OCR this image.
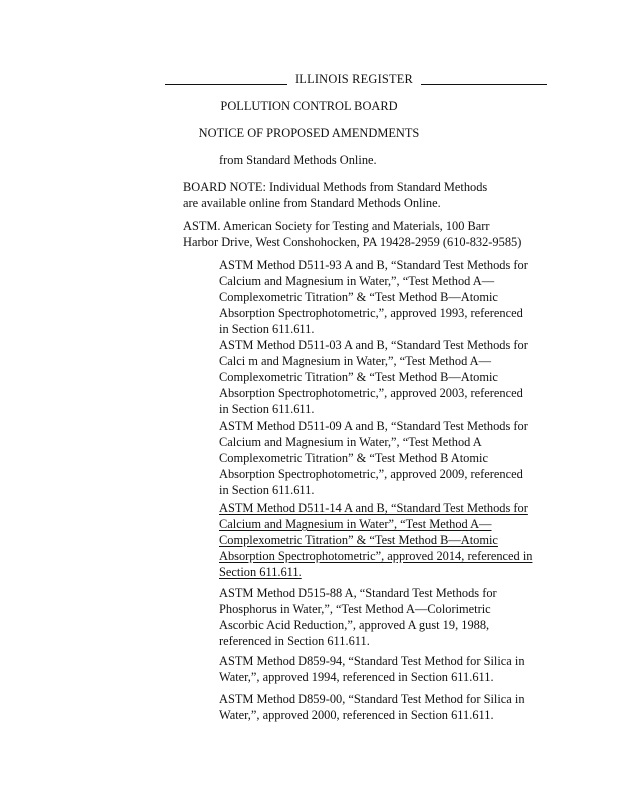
ILLINOIS REGISTER
POLLUTION CONTROL BOARD
NOTICE OF PROPOSED AMENDMENTS

from Standard Methods Online.

BOARD NOTE: Individual Methods from Standard Methods are available online from Standard Methods Online.

ASTM. American Society for Testing and Materials, 100 Barr Harbor Drive, West Conshohocken, PA 19428-2959 (610-832-9585)

ASTM Method D511-93 A and B, “Standard Test Methods for Calcium and Magnesium in Water,”, “Test Method A—Complexometric Titration” & “Test Method B—Atomic Absorption Spectrophotometric,”, approved 1993, referenced in Section 611.611.

ASTM Method D511-03 A and B, “Standard Test Methods for Calci m and Magnesium in Water,”, “Test Method A—Complexometric Titration” & “Test Method B—Atomic Absorption Spectrophotometric,”, approved 2003, referenced in Section 611.611.

ASTM Method D511-09 A and B, “Standard Test Methods for Calcium and Magnesium in Water,”, “Test Method A Complexometric Titration” & “Test Method B Atomic Absorption Spectrophotometric,”, approved 2009, referenced in Section 611.611.

ASTM Method D511-14 A and B, “Standard Test Methods for Calcium and Magnesium in Water”, “Test Method A—Complexometric Titration” & “Test Method B—Atomic Absorption Spectrophotometric”, approved 2014, referenced in Section 611.611.

ASTM Method D515-88 A, “Standard Test Methods for Phosphorus in Water,”, “Test Method A—Colorimetric Ascorbic Acid Reduction,”, approved A gust 19, 1988, referenced in Section 611.611.

ASTM Method D859-94, “Standard Test Method for Silica in Water,”, approved 1994, referenced in Section 611.611.

ASTM Method D859-00, “Standard Test Method for Silica in Water,”, approved 2000, referenced in Section 611.611.
